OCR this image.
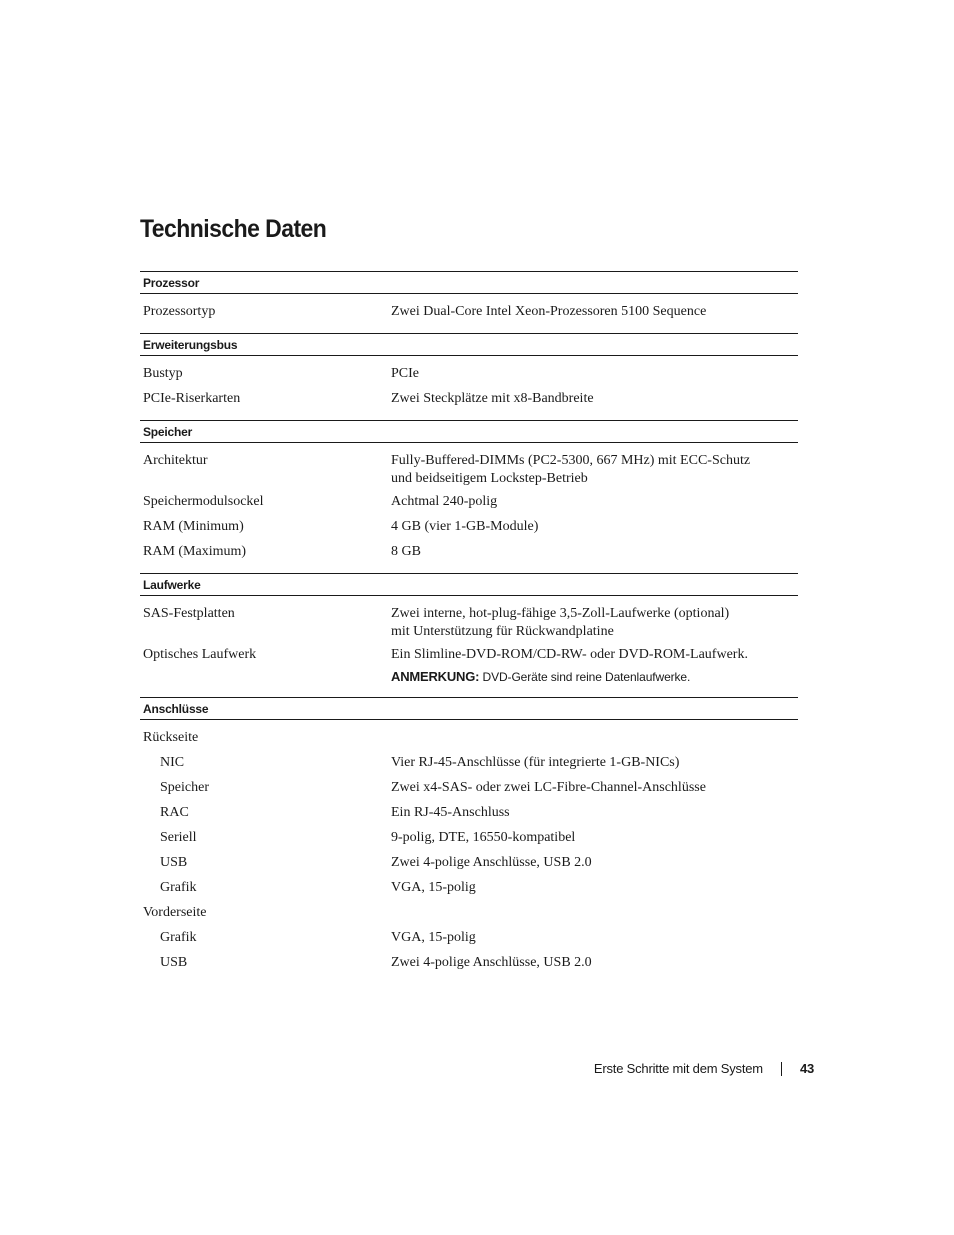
Technische Daten
Prozessor
Prozessortyp	Zwei Dual-Core Intel Xeon-Prozessoren 5100 Sequence
Erweiterungsbus
Bustyp	PCIe
PCIe-Riserkarten	Zwei Steckplätze mit x8-Bandbreite
Speicher
Architektur	Fully-Buffered-DIMMs (PC2-5300, 667 MHz) mit ECC-Schutz
und beidseitigem Lockstep-Betrieb
Speichermodulsockel	Achtmal 240-polig
RAM (Minimum)	4 GB (vier 1-GB-Module)
RAM (Maximum)	8 GB
Laufwerke
SAS-Festplatten	Zwei interne, hot-plug-fähige 3,5-Zoll-Laufwerke (optional)
mit Unterstützung für Rückwandplatine
Optisches Laufwerk	Ein Slimline-DVD-ROM/CD-RW- oder DVD-ROM-Laufwerk.
ANMERKUNG: DVD-Geräte sind reine Datenlaufwerke.
Anschlüsse
Rückseite
NIC	Vier RJ-45-Anschlüsse (für integrierte 1-GB-NICs)
Speicher	Zwei x4-SAS- oder zwei LC-Fibre-Channel-Anschlüsse
RAC	Ein RJ-45-Anschluss
Seriell	9-polig, DTE, 16550-kompatibel
USB	Zwei 4-polige Anschlüsse, USB 2.0
Grafik	VGA, 15-polig
Vorderseite
Grafik	VGA, 15-polig
USB	Zwei 4-polige Anschlüsse, USB 2.0
Erste Schritte mit dem System	43
